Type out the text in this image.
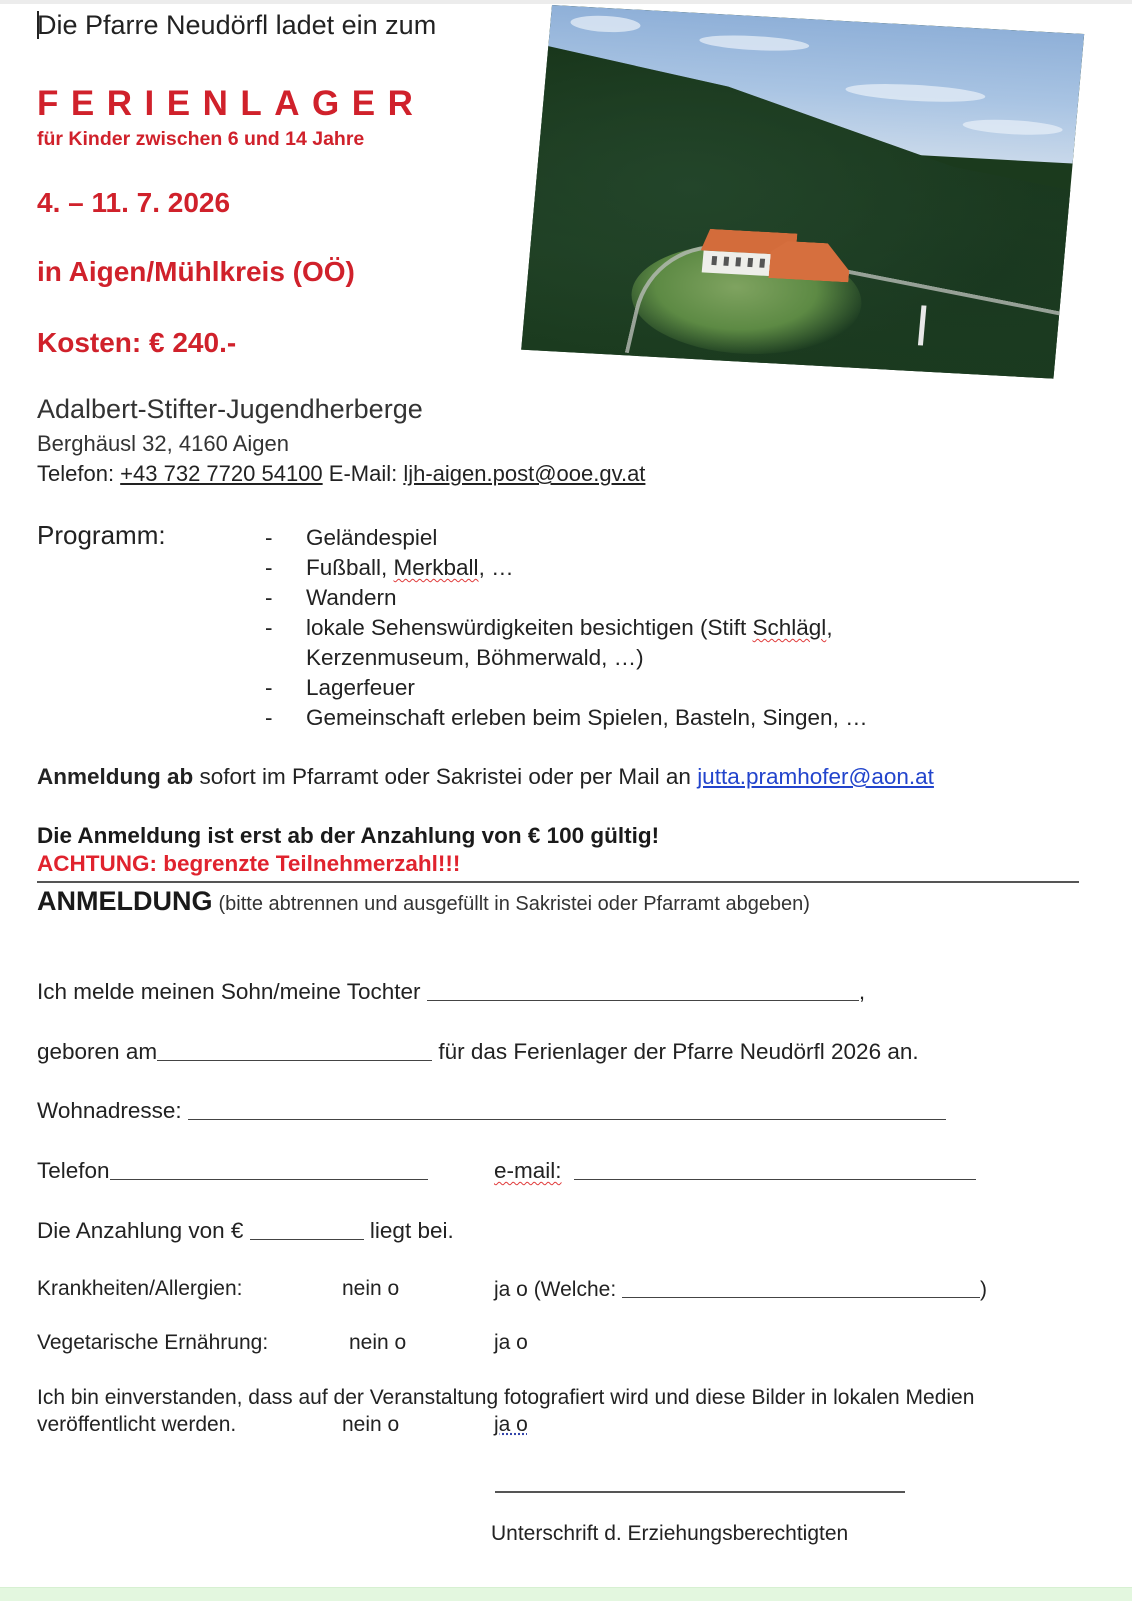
Die Pfarre Neudörfl ladet ein zum
FERIENLAGER
für Kinder zwischen 6 und 14 Jahre
4. – 11. 7. 2026
in Aigen/Mühlkreis (OÖ)
Kosten: € 240.-
Adalbert-Stifter-Jugendherberge
Berghäusl 32, 4160 Aigen
Telefon: +43 732 7720 54100 E-Mail: ljh-aigen.post@ooe.gv.at
Programm:	-	Geländespiel
-	Fußball, Merkball, …
-	Wandern
-	lokale Sehenswürdigkeiten besichtigen (Stift Schlägl, Kerzenmuseum, Böhmerwald, …)
-	Lagerfeuer
-	Gemeinschaft erleben beim Spielen, Basteln, Singen, …
Anmeldung ab sofort im Pfarramt oder Sakristei oder per Mail an jutta.pramhofer@aon.at
Die Anmeldung ist erst ab der Anzahlung von € 100 gültig!
ACHTUNG: begrenzte Teilnehmerzahl!!!
ANMELDUNG (bitte abtrennen und ausgefüllt in Sakristei oder Pfarramt abgeben)
Ich melde meinen Sohn/meine Tochter	,
geboren am	für das Ferienlager der Pfarre Neudörfl 2026 an.
Wohnadresse:
Telefon	e-mail:
Die Anzahlung von €	liegt bei.
Krankheiten/Allergien:	nein o	ja o (Welche:	)
Vegetarische Ernährung:	nein o	ja o
Ich bin einverstanden, dass auf der Veranstaltung fotografiert wird und diese Bilder in lokalen Medien
veröffentlicht werden.	nein o	ja o
Unterschrift d. Erziehungsberechtigten
